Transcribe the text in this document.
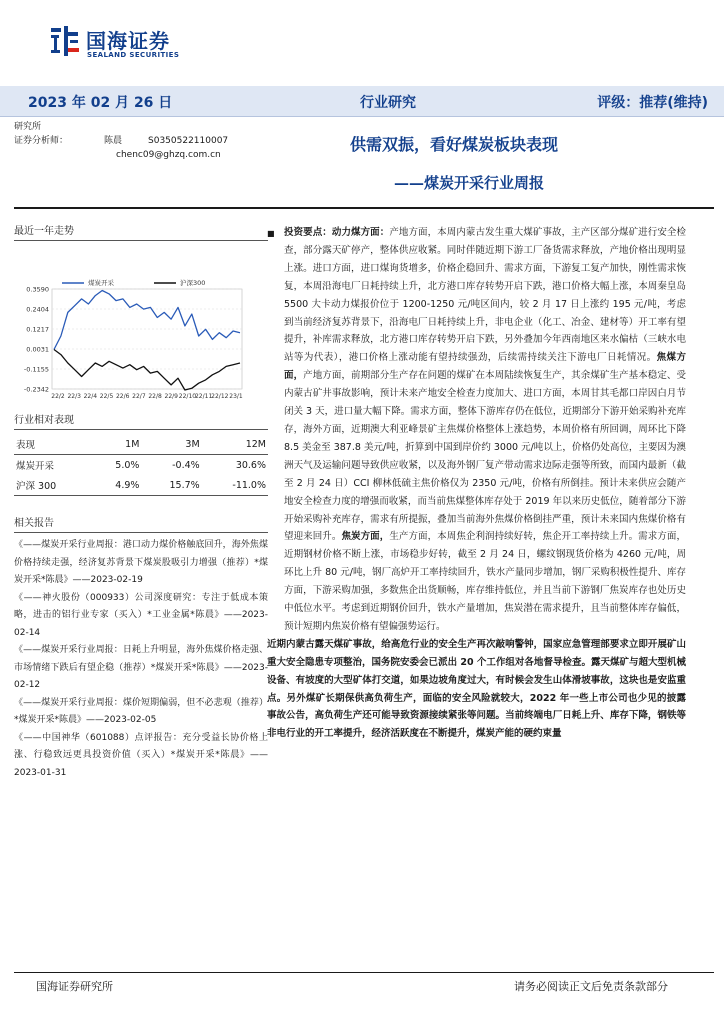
国海证券
SEALAND SECURITIES
2023 年 02 月 26 日	行业研究	评级：推荐(维持)
研究所
证券分析师：	陈晨	S0350522110007
chenc09@ghzq.com.cn
供需双振，看好煤炭板块表现
——煤炭开采行业周报
最近一年走势
0.3590
0.2404
0.1217
0.0031
-0.1155
-0.2342
22/2 22/3 22/4 22/5 22/6 22/7 22/8 22/9 22/10
22/11
22/12 23/1
煤炭开采	沪深300
行业相对表现
表现	1M	3M	12M
煤炭开采	5.0%	-0.4%	30.6%
沪深 300	4.9%	15.7%	-11.0%
相关报告
《——煤炭开采行业周报：港口动力煤价格触底回升，海外焦煤价格持续走强，经济复苏背景下煤炭股吸引力增强（推荐）*煤炭开采*陈晨》——2023-02-19
《——神火股份（000933）公司深度研究：专注于低成本策略，进击的铝行业专家（买入）*工业金属*陈晨》——2023-02-14
《——煤炭开采行业周报：日耗上升明显，海外焦煤价格走强、市场情绪下跌后有望企稳（推荐）*煤炭开采*陈晨》——2023-02-12
《——煤炭开采行业周报：煤价短期偏弱，但不必悲观（推荐）*煤炭开采*陈晨》——2023-02-05
《——中国神华（601088）点评报告：充分受益长协价格上涨、行稳致远更具投资价值（买入）*煤炭开采*陈晨》——2023-01-31
■ 投资要点：动力煤方面：产地方面，本周内蒙古发生重大煤矿事故，主产区部分煤矿进行安全检查，部分露天矿停产，整体供应收紧。同时伴随近期下游工厂备货需求释放，产地价格出现明显上涨。进口方面，进口煤询货增多，价格企稳回升、需求方面，下游复工复产加快，刚性需求恢复，本周沿海电厂日耗持续上升，北方港口库存转势开启下跌，港口价格大幅上涨，本周秦皇岛 5500 大卡动力煤报价位于 1200-1250 元/吨区间内，较 2 月 17 日上涨约 195 元/吨，考虑到当前经济复苏背景下，沿海电厂日耗持续上升，非电企业（化工、冶金、建材等）开工率有望提升，补库需求释放，北方港口库存转势开启下跌，另外叠加今年西南地区来水偏枯（三峡水电站等为代表），港口价格上涨动能有望持续强劲，后续需持续关注下游电厂日耗情况。焦煤方面，产地方面，前期部分生产存在问题的煤矿在本周陆续恢复生产，其余煤矿生产基本稳定、受内蒙古矿井事故影响，预计未来产地安全检查力度加大、进口方面，本周甘其毛都口岸因白月节闭关 3 天，进口量大幅下降。需求方面，整体下游库存仍在低位，近期部分下游开始采购补充库存，海外方面，近期澳大利亚峰景矿主焦煤价格整体上涨趋势，本周价格有所回调，周环比下降 8.5 美金至 387.8 美元/吨，折算到中国到岸价约 3000 元/吨以上，价格仍处高位，主要因为澳洲天气及运输问题导致供应收紧，以及海外钢厂复产带动需求边际走强等所致，而国内最新（截至 2 月 24 日）CCI 柳林低硫主焦价格仅为 2350 元/吨，价格有所倒挂。预计未来供应会随产地安全检查力度的增强而收紧，而当前焦煤整体库存处于 2019 年以来历史低位，随着部分下游开始采购补充库存，需求有所提振，叠加当前海外焦煤价格倒挂严重，预计未来国内焦煤价格有望迎来回升。焦炭方面，生产方面，本周焦企利润持续好转，焦企开工率持续上升。需求方面，近期钢材价格不断上涨，市场稳步好转，截至 2 月 24 日，螺纹钢现货价格为 4260 元/吨，周环比上升 80 元/吨，钢厂高炉开工率持续回升，铁水产量同步增加，钢厂采购积极性提升、库存方面，下游采购加强，多数焦企出货顺畅，库存维持低位，并且当前下游钢厂焦炭库存也处历史中低位水平。考虑到近期钢价回升，铁水产量增加，焦炭潜在需求提升，且当前整体库存偏低，预计短期内焦炭价格有望偏强势运行。
近期内蒙古露天煤矿事故，给高危行业的安全生产再次敲响警钟，国家应急管理部要求立即开展矿山重大安全隐患专项整治，国务院安委会已派出 20 个工作组对各地督导检查。露天煤矿与超大型机械设备、有坡度的大型矿体打交道，如果边坡角度过大，有时候会发生山体滑坡事故，这块也是安监重点。另外煤矿长期保供高负荷生产，面临的安全风险就较大，2022 年一些上市公司也少见的披露事故公告，高负荷生产还可能导致资源接续紧张等问题。当前终端电厂日耗上升、库存下降，钢铁等非电行业的开工率提升，经济活跃度在不断提升，煤炭产能的硬约束量
国海证券研究所	请务必阅读正文后免责条款部分
